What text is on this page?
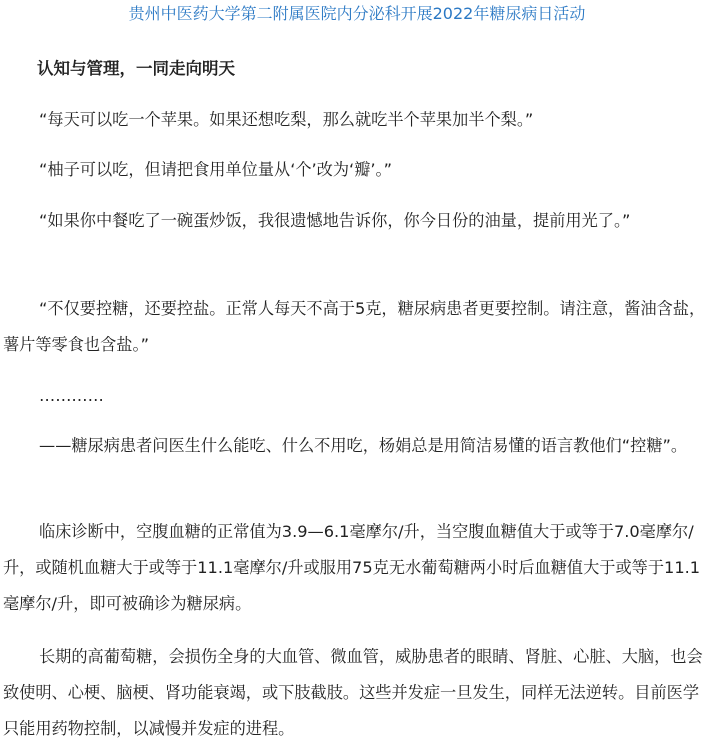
贵州中医药大学第二附属医院内分泌科开展2022年糖尿病日活动

认知与管理，一同走向明天

“每天可以吃一个苹果。如果还想吃梨，那么就吃半个苹果加半个梨。”

“柚子可以吃，但请把食用单位量从‘个’改为‘瓣’。”

“如果你中餐吃了一碗蛋炒饭，我很遗憾地告诉你，你今日份的油量，提前用光了。”

“不仅要控糖，还要控盐。正常人每天不高于5克，糖尿病患者更要控制。请注意，酱油含盐，薯片等零食也含盐。”

…………

——糖尿病患者问医生什么能吃、什么不用吃，杨娟总是用简洁易懂的语言教他们“控糖”。

临床诊断中，空腹血糖的正常值为3.9—6.1毫摩尔/升，当空腹血糖值大于或等于7.0毫摩尔/升，或随机血糖大于或等于11.1毫摩尔/升或服用75克无水葡萄糖两小时后血糖值大于或等于11.1毫摩尔/升，即可被确诊为糖尿病。

长期的高葡萄糖，会损伤全身的大血管、微血管，威胁患者的眼睛、肾脏、心脏、大脑，也会致使明、心梗、脑梗、肾功能衰竭，或下肢截肢。这些并发症一旦发生，同样无法逆转。目前医学只能用药物控制，以减慢并发症的进程。
